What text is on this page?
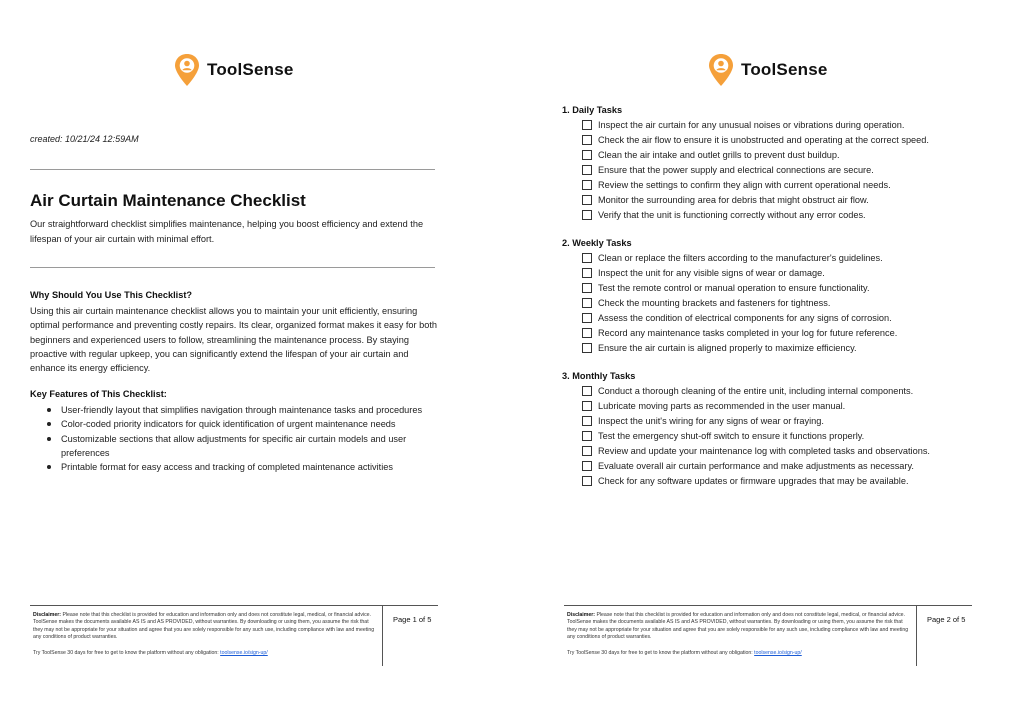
ToolSense
created: 10/21/24 12:59AM
Air Curtain Maintenance Checklist

Our straightforward checklist simplifies maintenance, helping you boost efficiency and extend the lifespan of your air curtain with minimal effort.

Why Should You Use This Checklist?

Using this air curtain maintenance checklist allows you to maintain your unit efficiently, ensuring optimal performance and preventing costly repairs. Its clear, organized format makes it easy for both beginners and experienced users to follow, streamlining the maintenance process. By staying proactive with regular upkeep, you can significantly extend the lifespan of your air curtain and enhance its energy efficiency.

Key Features of This Checklist:
User-friendly layout that simplifies navigation through maintenance tasks and procedures
Color-coded priority indicators for quick identification of urgent maintenance needs
Customizable sections that allow adjustments for specific air curtain models and user preferences
Printable format for easy access and tracking of completed maintenance activities

Disclaimer: Please note that this checklist is provided for education and information only and does not constitute legal, medical, or financial advice. ToolSense makes the documents available AS IS and AS PROVIDED, without warranties. By downloading or using them, you assume the risk that they may not be appropriate for your situation and agree that you are solely responsible for any such use, including compliance with law and meeting any conditions of product warranties.

Try ToolSense 30 days for free to get to know the platform without any obligation: toolsense.io/sign-up/

Page 1 of 5
ToolSense
1. Daily Tasks
Inspect the air curtain for any unusual noises or vibrations during operation.
Check the air flow to ensure it is unobstructed and operating at the correct speed.
Clean the air intake and outlet grills to prevent dust buildup.
Ensure that the power supply and electrical connections are secure.
Review the settings to confirm they align with current operational needs.
Monitor the surrounding area for debris that might obstruct air flow.
Verify that the unit is functioning correctly without any error codes.
2. Weekly Tasks
Clean or replace the filters according to the manufacturer's guidelines.
Inspect the unit for any visible signs of wear or damage.
Test the remote control or manual operation to ensure functionality.
Check the mounting brackets and fasteners for tightness.
Assess the condition of electrical components for any signs of corrosion.
Record any maintenance tasks completed in your log for future reference.
Ensure the air curtain is aligned properly to maximize efficiency.
3. Monthly Tasks
Conduct a thorough cleaning of the entire unit, including internal components.
Lubricate moving parts as recommended in the user manual.
Inspect the unit's wiring for any signs of wear or fraying.
Test the emergency shut-off switch to ensure it functions properly.
Review and update your maintenance log with completed tasks and observations.
Evaluate overall air curtain performance and make adjustments as necessary.
Check for any software updates or firmware upgrades that may be available.

Disclaimer: Please note that this checklist is provided for education and information only and does not constitute legal, medical, or financial advice. ToolSense makes the documents available AS IS and AS PROVIDED, without warranties. By downloading or using them, you assume the risk that they may not be appropriate for your situation and agree that you are solely responsible for any such use, including compliance with law and meeting any conditions of product warranties.

Try ToolSense 30 days for free to get to know the platform without any obligation: toolsense.io/sign-up/

Page 2 of 5
